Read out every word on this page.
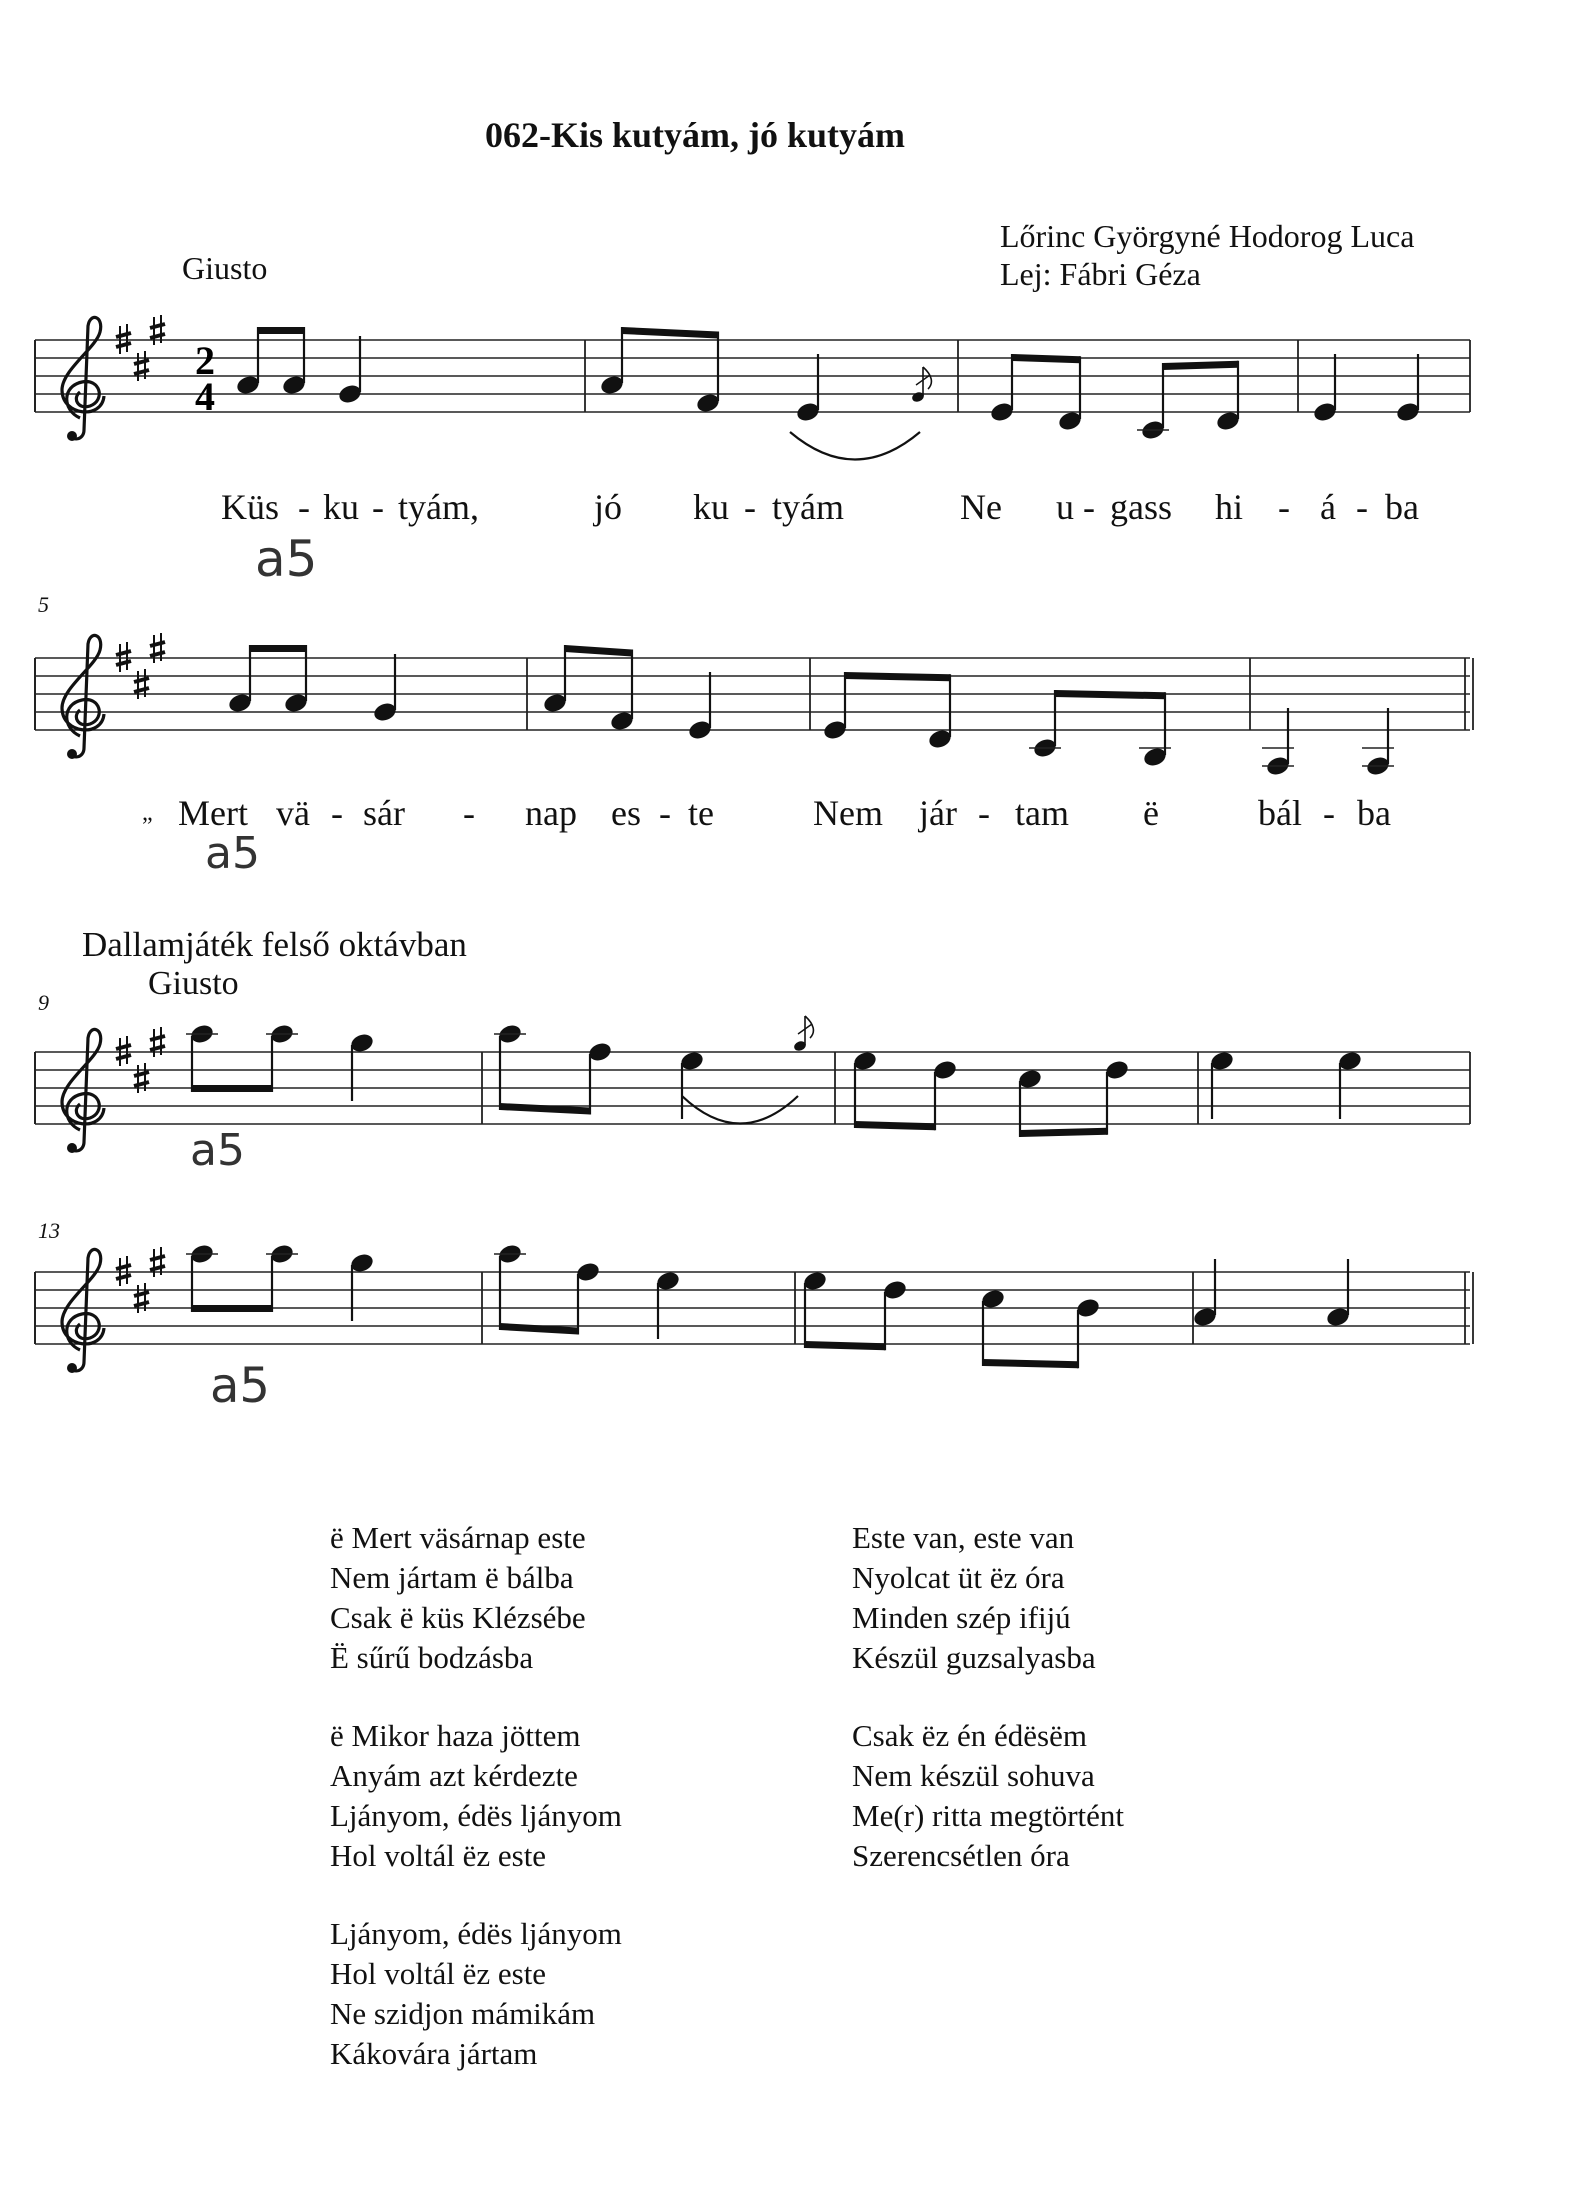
062-Kis kutyám, jó kutyám
Lőrinc Györgyné Hodorog Luca
Lej: Fábri Géza
Giusto
Küs - ku - tyám,	jó ku - tyám	Ne u - gass hi - á - ba
„ Mert vä - sár - nap es - te	Nem jár - tam ë	bál - ba
Dallamjáték felső oktávban
Giusto
5
9
13
a5
a5
a5
a5
2
4
ë Mert väsárnap este
Nem jártam ë bálba
Csak ë küs Klézsébe
Ë sűrű bodzásba
ë Mikor haza jöttem
Anyám azt kérdezte
Ljányom, édës ljányom
Hol voltál ëz este
Ljányom, édës ljányom
Hol voltál ëz este
Ne szidjon mámikám
Kákovára jártam
Este van, este van
Nyolcat üt ëz óra
Minden szép ifijú
Készül guzsalyasba
Csak ëz én édësëm
Nem készül sohuva
Me(r) ritta megtörtént
Szerencsétlen óra
